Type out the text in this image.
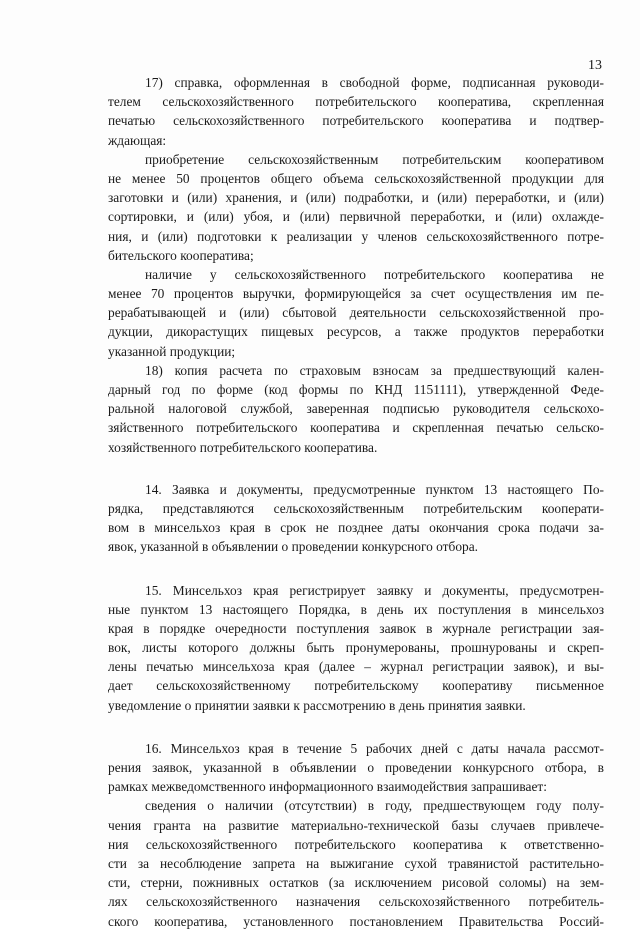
13
17) справка, оформленная в свободной форме, подписанная руководи-
телем сельскохозяйственного потребительского кооператива, скрепленная
печатью сельскохозяйственного потребительского кооператива и подтвер-
ждающая:
приобретение сельскохозяйственным потребительским кооперативом
не менее 50 процентов общего объема сельскохозяйственной продукции для
заготовки и (или) хранения, и (или) подработки, и (или) переработки, и (или)
сортировки, и (или) убоя, и (или) первичной переработки, и (или) охлажде-
ния, и (или) подготовки к реализации у членов сельскохозяйственного потре-
бительского кооператива;
наличие у сельскохозяйственного потребительского кооператива не
менее 70 процентов выручки, формирующейся за счет осуществления им пе-
рерабатывающей и (или) сбытовой деятельности сельскохозяйственной про-
дукции, дикорастущих пищевых ресурсов, а также продуктов переработки
указанной продукции;
18) копия расчета по страховым взносам за предшествующий кален-
дарный год по форме (код формы по КНД 1151111), утвержденной Феде-
ральной налоговой службой, заверенная подписью руководителя сельскохо-
зяйственного потребительского кооператива и скрепленная печатью сельско-
хозяйственного потребительского кооператива.
14. Заявка и документы, предусмотренные пунктом 13 настоящего По-
рядка, представляются сельскохозяйственным потребительским кооперати-
вом в минсельхоз края в срок не позднее даты окончания срока подачи за-
явок, указанной в объявлении о проведении конкурсного отбора.
15. Минсельхоз края регистрирует заявку и документы, предусмотрен-
ные пунктом 13 настоящего Порядка, в день их поступления в минсельхоз
края в порядке очередности поступления заявок в журнале регистрации зая-
вок, листы которого должны быть пронумерованы, прошнурованы и скреп-
лены печатью минсельхоза края (далее – журнал регистрации заявок), и вы-
дает сельскохозяйственному потребительскому кооперативу письменное
уведомление о принятии заявки к рассмотрению в день принятия заявки.
16. Минсельхоз края в течение 5 рабочих дней с даты начала рассмот-
рения заявок, указанной в объявлении о проведении конкурсного отбора, в
рамках межведомственного информационного взаимодействия запрашивает:
сведения о наличии (отсутствии) в году, предшествующем году полу-
чения гранта на развитие материально-технической базы случаев привлече-
ния сельскохозяйственного потребительского кооператива к ответственно-
сти за несоблюдение запрета на выжигание сухой травянистой растительно-
сти, стерни, пожнивных остатков (за исключением рисовой соломы) на зем-
лях сельскохозяйственного назначения сельскохозяйственного потребитель-
ского кооператива, установленного постановлением Правительства Россий-
